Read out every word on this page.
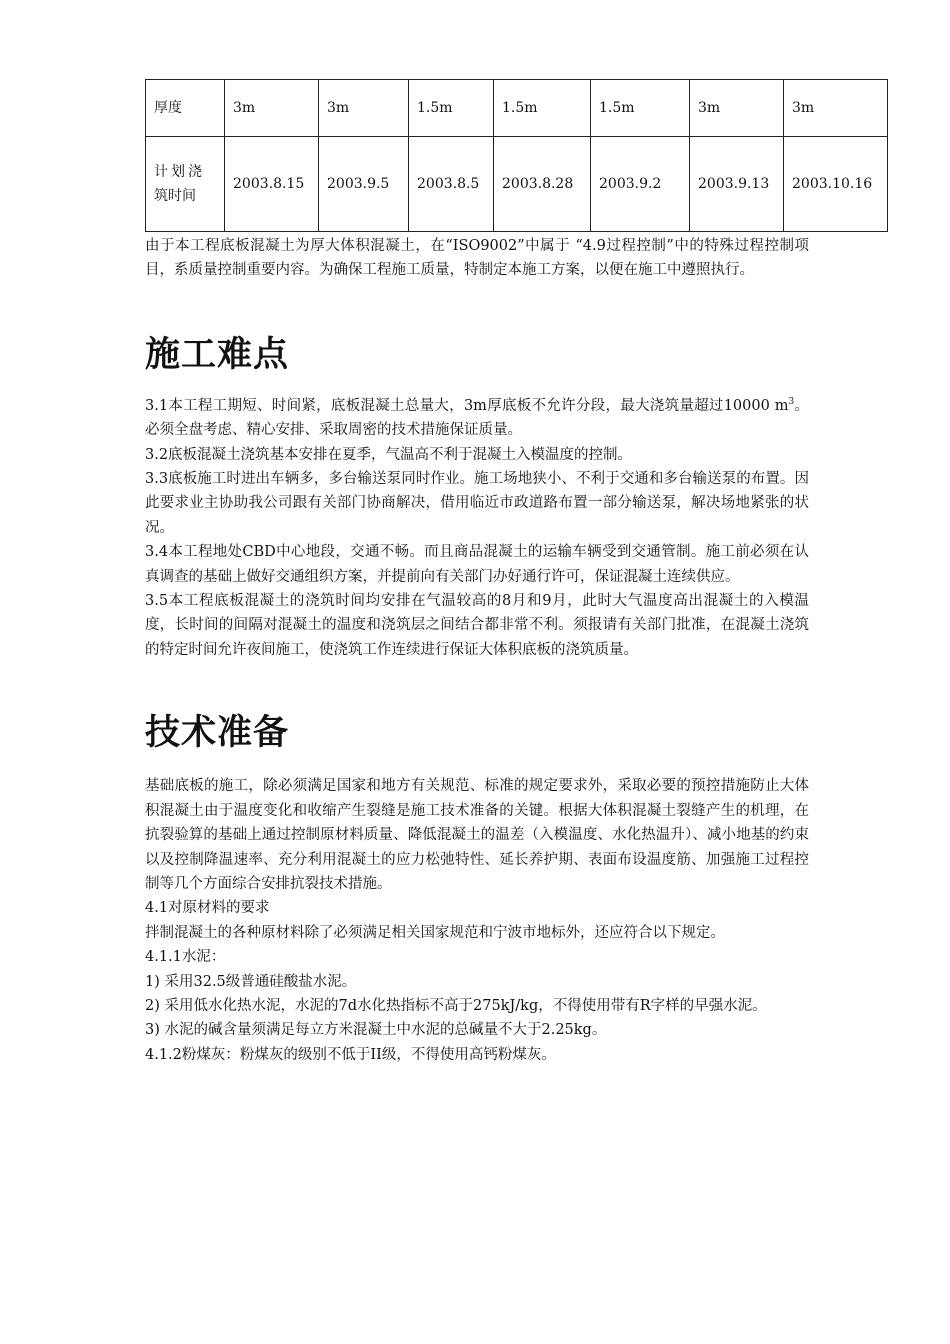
厚度	3m	3m	1.5m	1.5m	1.5m	3m	3m
计划浇
筑时间	2003.8.15	2003.9.5	2003.8.5	2003.8.28	2003.9.2	2003.9.13	2003.10.16

由于本工程底板混凝土为厚大体积混凝土，在“ISO9002”中属于 “4.9过程控制”中的特殊过程控制项目，系质量控制重要内容。为确保工程施工质量，特制定本施工方案，以便在施工中遵照执行。

施工难点

3.1本工程工期短、时间紧，底板混凝土总量大，3m厚底板不允许分段，最大浇筑量超过10000 $m^3$。必须全盘考虑、精心安排、采取周密的技术措施保证质量。

3.2底板混凝土浇筑基本安排在夏季，气温高不利于混凝土入模温度的控制。

3.3底板施工时进出车辆多，多台输送泵同时作业。施工场地狭小、不利于交通和多台输送泵的布置。因此要求业主协助我公司跟有关部门协商解决，借用临近市政道路布置一部分输送泵，解决场地紧张的状况。

3.4本工程地处CBD中心地段，交通不畅。而且商品混凝土的运输车辆受到交通管制。施工前必须在认真调查的基础上做好交通组织方案，并提前向有关部门办好通行许可，保证混凝土连续供应。

3.5本工程底板混凝土的浇筑时间均安排在气温较高的8月和9月，此时大气温度高出混凝土的入模温度，长时间的间隔对混凝土的温度和浇筑层之间结合都非常不利。须报请有关部门批准，在混凝土浇筑的特定时间允许夜间施工，使浇筑工作连续进行保证大体积底板的浇筑质量。

技术准备

基础底板的施工，除必须满足国家和地方有关规范、标准的规定要求外，采取必要的预控措施防止大体积混凝土由于温度变化和收缩产生裂缝是施工技术准备的关键。根据大体积混凝土裂缝产生的机理，在抗裂验算的基础上通过控制原材料质量、降低混凝土的温差（入模温度、水化热温升）、减小地基的约束以及控制降温速率、充分利用混凝土的应力松弛特性、延长养护期、表面布设温度筋、加强施工过程控制等几个方面综合安排抗裂技术措施。

4.1对原材料的要求

拌制混凝土的各种原材料除了必须满足相关国家规范和宁波市地标外，还应符合以下规定。

4.1.1水泥：

1) 采用32.5级普通硅酸盐水泥。

2) 采用低水化热水泥，水泥的7d水化热指标不高于275kJ/kg，不得使用带有R字样的早强水泥。

3) 水泥的碱含量须满足每立方米混凝土中水泥的总碱量不大于2.25kg。

4.1.2粉煤灰：粉煤灰的级别不低于II级，不得使用高钙粉煤灰。
